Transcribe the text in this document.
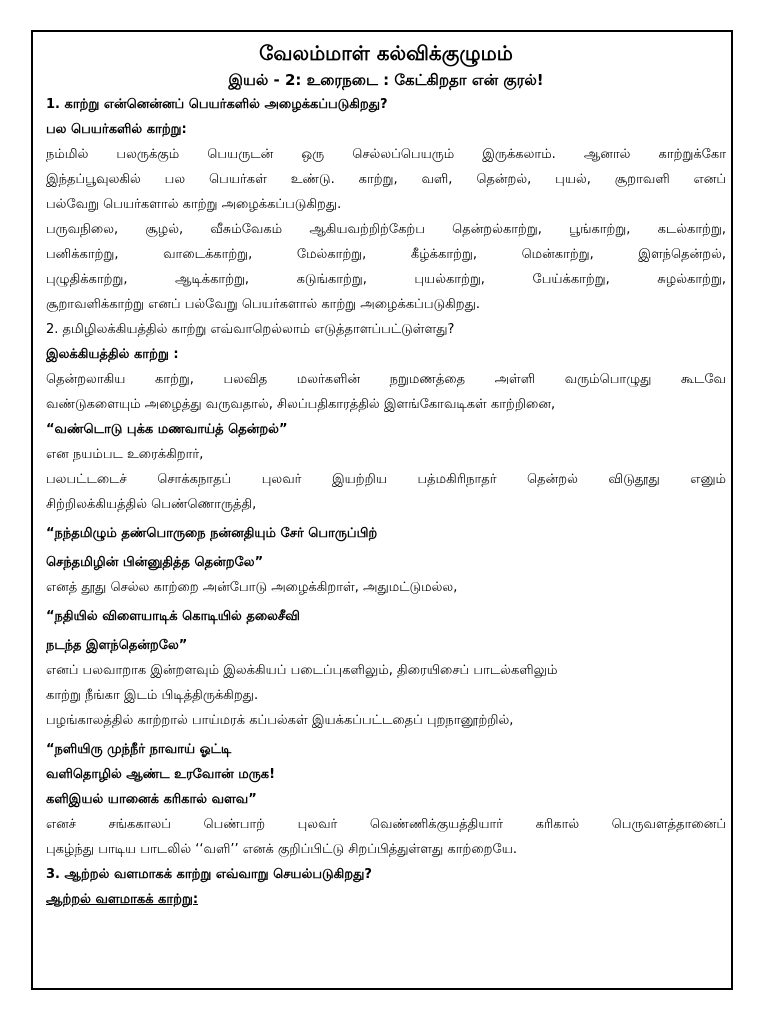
வேலம்மாள் கல்விக்குழுமம்
இயல் - 2: உரைநடை : கேட்கிறதா என் குரல்!
1. காற்று என்னென்னப் பெயர்களில் அழைக்கப்படுகிறது?
பல பெயர்களில் காற்று:
நம்மில் பலருக்கும் பெயருடன் ஒரு செல்லப்பெயரும் இருக்கலாம். ஆனால் காற்றுக்கோ
இந்தப்பூவுலகில் பல பெயர்கள் உண்டு. காற்று, வளி, தென்றல், புயல், சூறாவளி எனப்
பல்வேறு பெயர்களால் காற்று அழைக்கப்படுகிறது.
பருவநிலை, சூழல், வீசும்வேகம் ஆகியவற்றிற்கேற்ப தென்றல்காற்று, பூங்காற்று, கடல்காற்று,
பனிக்காற்று, வாடைக்காற்று, மேல்காற்று, கீழ்க்காற்று, மென்காற்று, இளந்தென்றல்,
புழுதிக்காற்று, ஆடிக்காற்று, கடுங்காற்று, புயல்காற்று, பேய்க்காற்று, சுழல்காற்று,
சூறாவளிக்காற்று எனப் பல்வேறு பெயர்களால் காற்று அழைக்கப்படுகிறது.
2. தமிழிலக்கியத்தில் காற்று எவ்வாறெல்லாம் எடுத்தாளப்பட்டுள்ளது?
இலக்கியத்தில் காற்று :
தென்றலாகிய காற்று, பலவித மலர்களின் நறுமணத்தை அள்ளி வரும்பொழுது கூடவே
வண்டுகளையும் அழைத்து வருவதால், சிலப்பதிகாரத்தில் இளங்கோவடிகள் காற்றினை,
“வண்டொடு புக்க மணவாய்த் தென்றல்”
என நயம்பட உரைக்கிறார்,
பலபட்டடைச் சொக்கநாதப் புலவர் இயற்றிய பத்மகிரிநாதர் தென்றல் விடுதூது எனும்
சிற்றிலக்கியத்தில் பெண்ணொருத்தி,
“நந்தமிழும் தண்பொருநை நன்னதியும் சேர் பொருப்பிற்
செந்தமிழின் பின்னுதித்த தென்றலே”
எனத் தூது செல்ல காற்றை அன்போடு அழைக்கிறாள், அதுமட்டுமல்ல,
“நதியில் விளையாடிக் கொடியில் தலைசீவி
நடந்த இளந்தென்றலே”
எனப் பலவாறாக இன்றளவும் இலக்கியப் படைப்புகளிலும், திரையிசைப் பாடல்களிலும்
காற்று நீங்கா இடம் பிடித்திருக்கிறது.
பழங்காலத்தில் காற்றால் பாய்மரக் கப்பல்கள் இயக்கப்பட்டதைப் புறநானூற்றில்,
“நளியிரு முந்நீர் நாவாய் ஓட்டி
வளிதொழில் ஆண்ட உரவோன் மருக!
களிஇயல் யானைக் கரிகால் வளவ”
எனச் சங்ககாலப் பெண்பாற் புலவர் வெண்ணிக்குயத்தியார் கரிகால் பெருவளத்தானைப்
புகழ்ந்து பாடிய பாடலில் ‘‘வளி’’ எனக் குறிப்பிட்டு சிறப்பித்துள்ளது காற்றையே.
3. ஆற்றல் வளமாகக் காற்று எவ்வாறு செயல்படுகிறது?
ஆற்றல் வளமாகக் காற்று:
